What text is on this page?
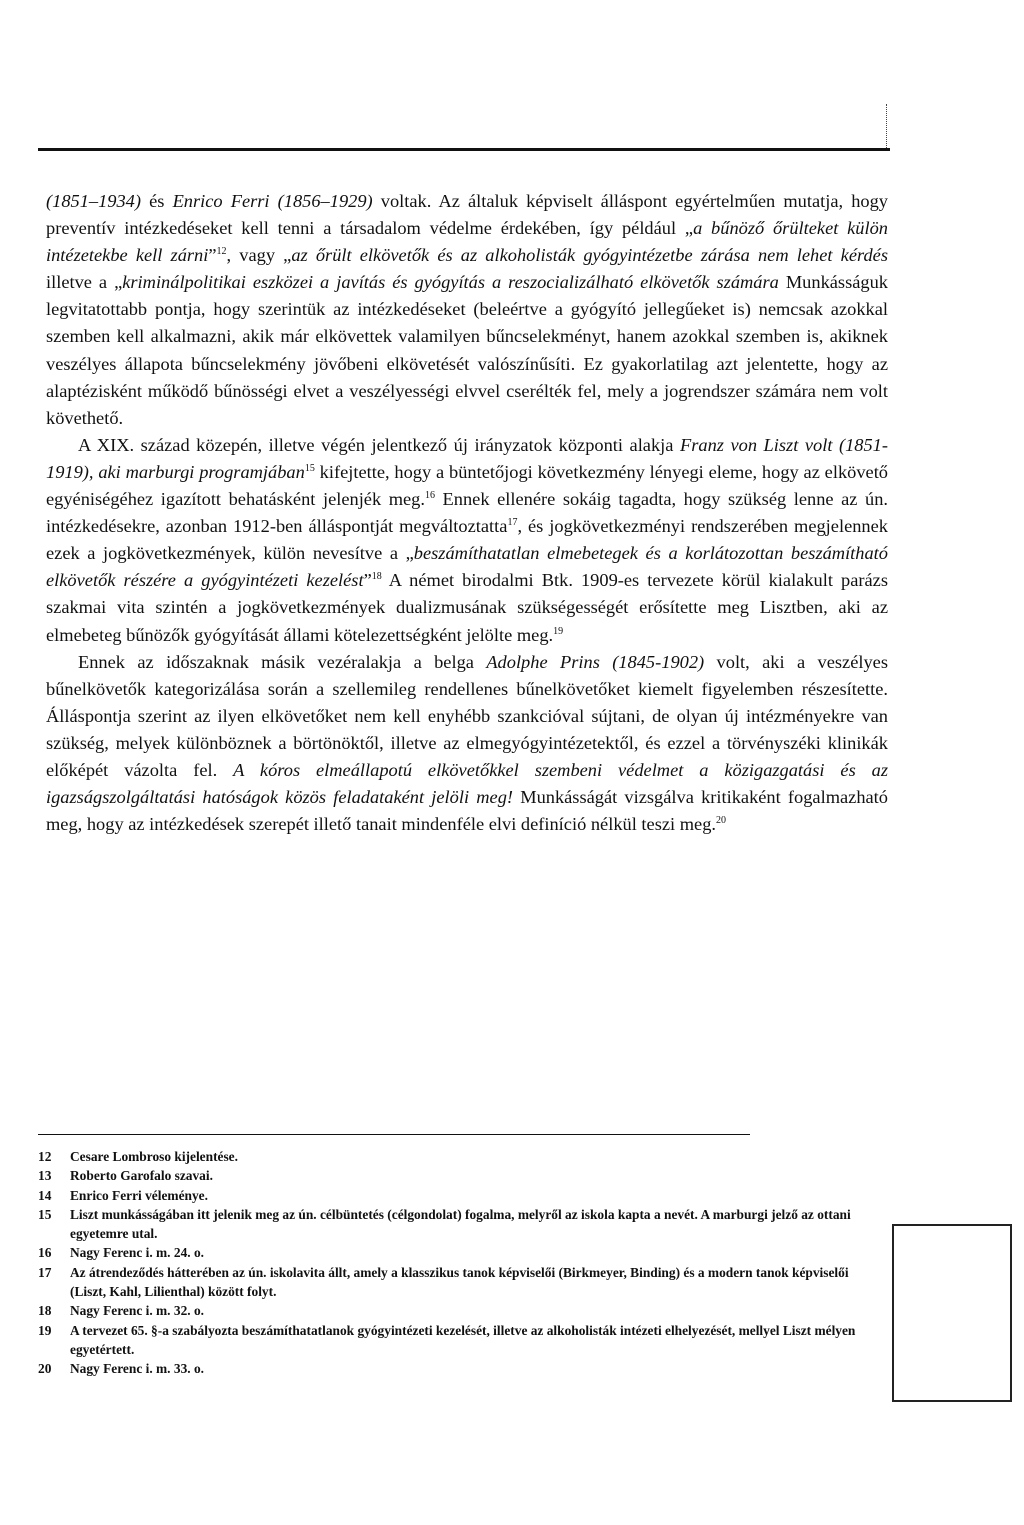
(1851–1934) és Enrico Ferri (1856–1929) voltak. Az általuk képviselt álláspont egyértelműen mutatja, hogy preventív intézkedéseket kell tenni a társadalom védelme érdekében, így például „a bűnöző őrülteket külön intézetekbe kell zárni”$^{12}$, vagy „az őrült elkövetők és az alkoholisták gyógyintézetbe zárása nem lehet kérdés illetve a „kriminálpolitikai eszközei a javítás és gyógyítás a reszocializálható elkövetők számára Munkásságuk legvitatottabb pontja, hogy szerintük az intézkedéseket (beleértve a gyógyító jellegűeket is) nemcsak azokkal szemben kell alkalmazni, akik már elkövettek valamilyen bűncselekményt, hanem azokkal szemben is, akiknek veszélyes állapota bűncselekmény jövőbeni elkövetését valószínűsíti. Ez gyakorlatilag azt jelentette, hogy az alaptézisként működő bűnösségi elvet a veszélyességi elvvel cserélték fel, mely a jogrendszer számára nem volt követhető.

A XIX. század közepén, illetve végén jelentkező új irányzatok központi alakja Franz von Liszt volt (1851-1919), aki marburgi programjában$^{15}$ kifejtette, hogy a büntetőjogi következmény lényegi eleme, hogy az elkövető egyéniségéhez igazított behatásként jelenjék meg.$^{16}$ Ennek ellenére sokáig tagadta, hogy szükség lenne az ún. intézkedésekre, azonban 1912-ben álláspontját megváltoztatta$^{17}$, és jogkövetkezményi rendszerében megjelennek ezek a jogkövetkezmények, külön nevesítve a „beszámíthatatlan elmebetegek és a korlátozottan beszámítható elkövetők részére a gyógyintézeti kezelést”$^{18}$ A német birodalmi Btk. 1909-es tervezete körül kialakult parázs szakmai vita szintén a jogkövetkezmények dualizmusának szükségességét erősítette meg Lisztben, aki az elmebeteg bűnözők gyógyítását állami kötelezettségként jelölte meg.$^{19}$

Ennek az időszaknak másik vezéralakja a belga Adolphe Prins (1845-1902) volt, aki a veszélyes bűnelkövetők kategorizálása során a szellemileg rendellenes bűnelkövetőket kiemelt figyelemben részesítette. Álláspontja szerint az ilyen elkövetőket nem kell enyhébb szankcióval sújtani, de olyan új intézményekre van szükség, melyek különböznek a börtönöktől, illetve az elmegyógyintézetektől, és ezzel a törvényszéki klinikák előképét vázolta fel. A kóros elmeállapotú elkövetőkkel szembeni védelmet a közigazgatási és az igazságszolgáltatási hatóságok közös feladataként jelöli meg! Munkásságát vizsgálva kritikaként fogalmazható meg, hogy az intézkedések szerepét illető tanait mindenféle elvi definíció nélkül teszi meg.$^{20}$

12	Cesare Lombroso kijelentése.
13	Roberto Garofalo szavai.
14	Enrico Ferri véleménye.
15	Liszt munkásságában itt jelenik meg az ún. célbüntetés (célgondolat) fogalma, melyről az iskola kapta a nevét. A marburgi jelző az ottani egyetemre utal.
16	Nagy Ferenc i. m. 24. o.
17	Az átrendeződés hátterében az ún. iskolavita állt, amely a klasszikus tanok képviselői (Birkmeyer, Binding) és a modern tanok képviselői (Liszt, Kahl, Lilienthal) között folyt.
18	Nagy Ferenc i. m. 32. o.
19	A tervezet 65. §-a szabályozta beszámíthatatlanok gyógyintézeti kezelését, illetve az alkoholisták intézeti elhelyezését, mellyel Liszt mélyen egyetértett.
20	Nagy Ferenc i. m. 33. o.
